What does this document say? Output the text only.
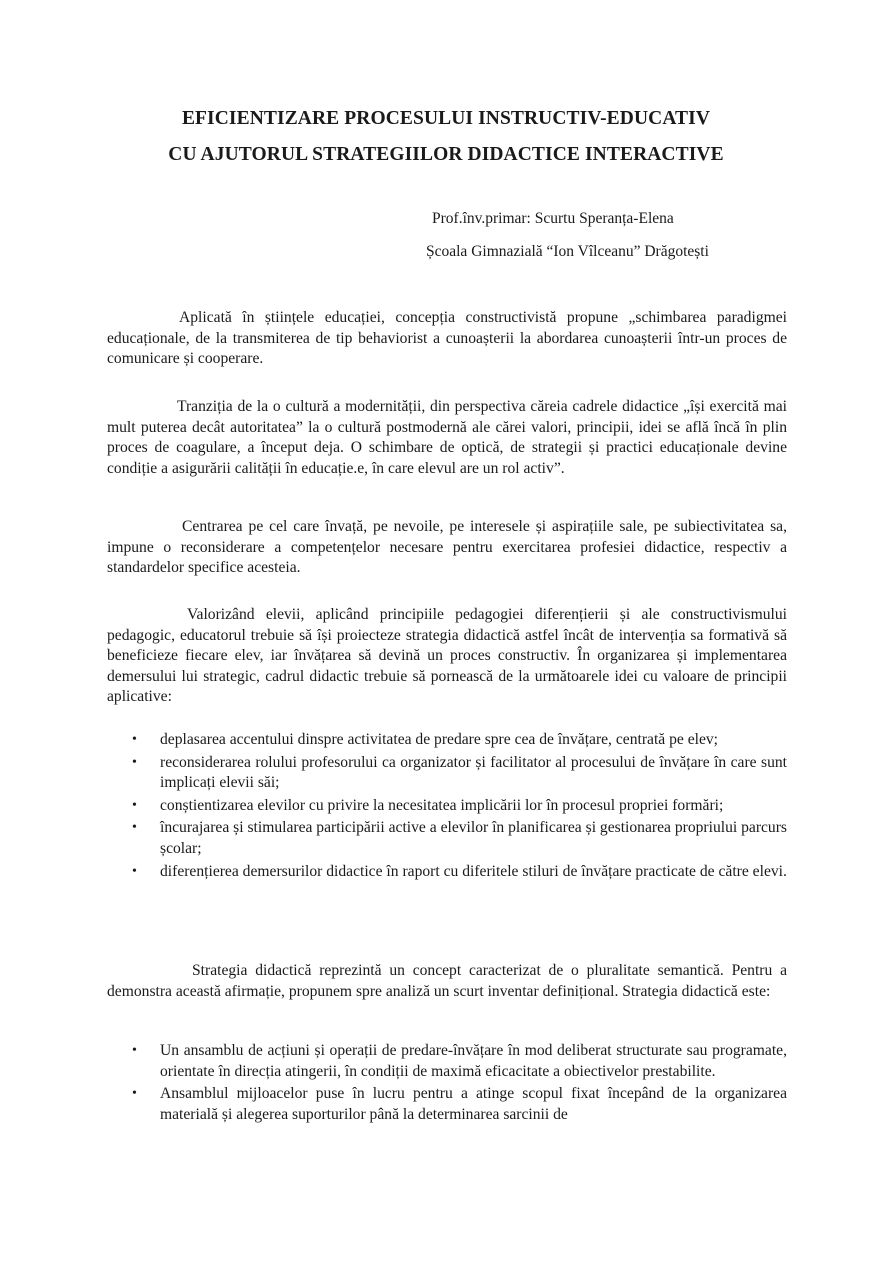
EFICIENTIZARE PROCESULUI INSTRUCTIV-EDUCATIV
CU AJUTORUL STRATEGIILOR DIDACTICE INTERACTIVE
Prof.înv.primar: Scurtu Speranța-Elena
Școala Gimnazială “Ion Vîlceanu” Drăgotești

Aplicată în științele educației, concepția constructivistă propune „schimbarea paradigmei educaționale, de la transmiterea de tip behaviorist a cunoașterii la abordarea cunoașterii într-un proces de comunicare și cooperare.

Tranziția de la o cultură a modernității, din perspectiva căreia cadrele didactice „își exercită mai mult puterea decât autoritatea” la o cultură postmodernă ale cărei valori, principii, idei se află încă în plin proces de coagulare, a început deja. O schimbare de optică, de strategii și practici educaționale devine condiție a asigurării calității în educație.e, în care elevul are un rol activ”.

Centrarea pe cel care învață, pe nevoile, pe interesele și aspirațiile sale, pe subiectivitatea sa, impune o reconsiderare a competențelor necesare pentru exercitarea profesiei didactice, respectiv a standardelor specifice acesteia.

Valorizând elevii, aplicând principiile pedagogiei diferențierii și ale constructivismului pedagogic, educatorul trebuie să își proiecteze strategia didactică astfel încât de intervenția sa formativă să beneficieze fiecare elev, iar învățarea să devină un proces constructiv. În organizarea și implementarea demersului lui strategic, cadrul didactic trebuie să pornească de la următoarele idei cu valoare de principii aplicative:

• deplasarea accentului dinspre activitatea de predare spre cea de învățare, centrată pe elev;
• reconsiderarea rolului profesorului ca organizator și facilitator al procesului de învățare în care sunt implicați elevii săi;
• conștientizarea elevilor cu privire la necesitatea implicării lor în procesul propriei formări;
• încurajarea și stimularea participării active a elevilor în planificarea și gestionarea propriului parcurs școlar;
• diferențierea demersurilor didactice în raport cu diferitele stiluri de învățare practicate de către elevi.

Strategia didactică reprezintă un concept caracterizat de o pluralitate semantică. Pentru a demonstra această afirmație, propunem spre analiză un scurt inventar definițional. Strategia didactică este:

• Un ansamblu de acțiuni și operații de predare-învățare în mod deliberat structurate sau programate, orientate în direcția atingerii, în condiții de maximă eficacitate a obiectivelor prestabilite.
• Ansamblul mijloacelor puse în lucru pentru a atinge scopul fixat începând de la organizarea materială și alegerea suporturilor până la determinarea sarcinii de
